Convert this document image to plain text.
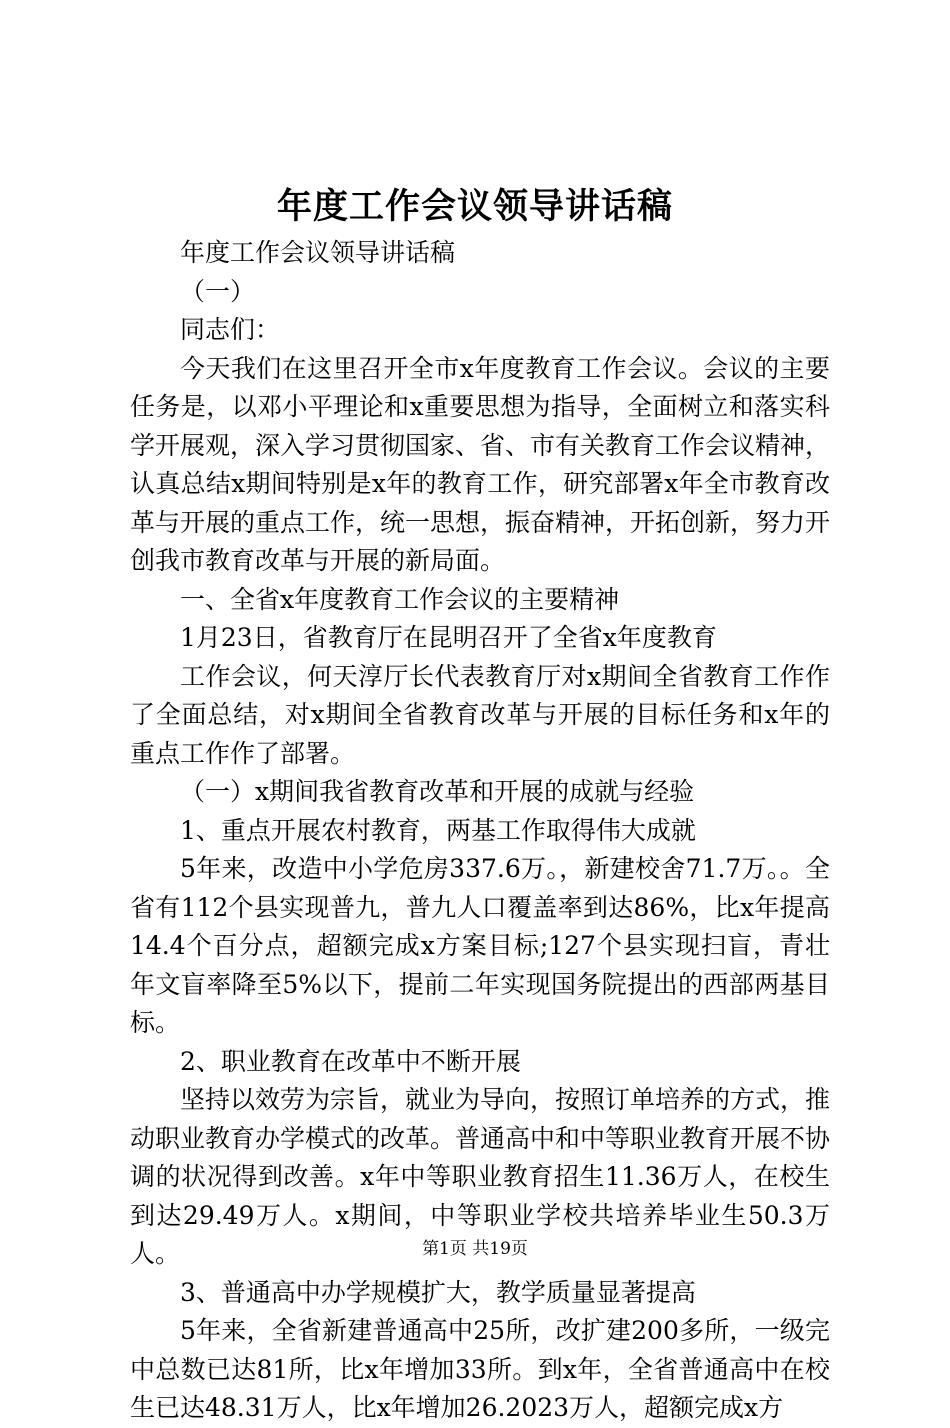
年度工作会议领导讲话稿

年度工作会议领导讲话稿

（一）

同志们：

今天我们在这里召开全市x年度教育工作会议。会议的主要任务是，以邓小平理论和x重要思想为指导，全面树立和落实科学开展观，深入学习贯彻国家、省、市有关教育工作会议精神，认真总结x期间特别是x年的教育工作，研究部署x年全市教育改革与开展的重点工作，统一思想，振奋精神，开拓创新，努力开创我市教育改革与开展的新局面。

一、全省x年度教育工作会议的主要精神

1月23日，省教育厅在昆明召开了全省x年度教育

工作会议，何天淳厅长代表教育厅对x期间全省教育工作作了全面总结，对x期间全省教育改革与开展的目标任务和x年的重点工作作了部署。

（一）x期间我省教育改革和开展的成就与经验

1、重点开展农村教育，两基工作取得伟大成就

5年来，改造中小学危房337.6万。，新建校舍71.7万。。全省有112个县实现普九，普九人口覆盖率到达86%，比x年提高14.4个百分点，超额完成x方案目标;127个县实现扫盲，青壮年文盲率降至5%以下，提前二年实现国务院提出的西部两基目标。

2、职业教育在改革中不断开展

坚持以效劳为宗旨，就业为导向，按照订单培养的方式，推动职业教育办学模式的改革。普通高中和中等职业教育开展不协调的状况得到改善。x年中等职业教育招生11.36万人，在校生到达29.49万人。x期间，中等职业学校共培养毕业生50.3万人。

3、普通高中办学规模扩大，教学质量显著提高

5年来，全省新建普通高中25所，改扩建200多所，一级完中总数已达81所，比x年增加33所。到x年，全省普通高中在校生已达48.31万人，比x年增加26.2023万人，超额完成x方

第1页 共19页
